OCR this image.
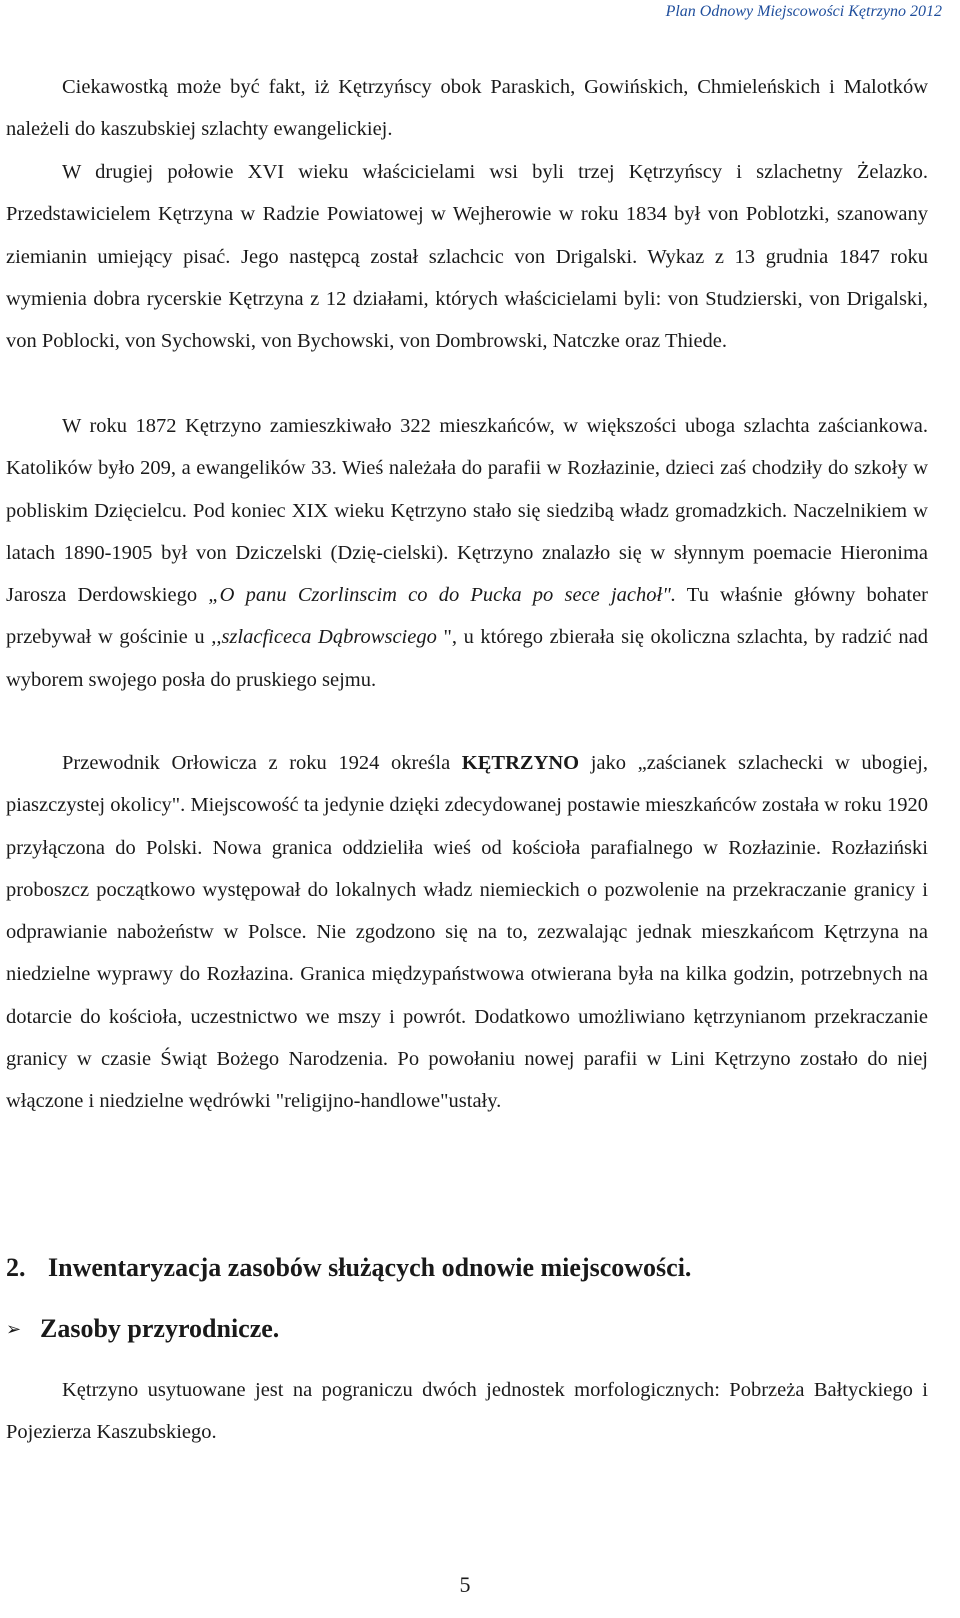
Plan Odnowy Miejscowości Kętrzyno 2012

Ciekawostką może być fakt, iż Kętrzyńscy obok Paraskich, Gowińskich, Chmieleńskich i Malotków należeli do kaszubskiej szlachty ewangelickiej.

W drugiej połowie XVI wieku właścicielami wsi byli trzej Kętrzyńscy i szlachetny Żelazko. Przedstawicielem Kętrzyna w Radzie Powiatowej w Wejherowie w roku 1834 był von Poblotzki, szanowany ziemianin umiejący pisać. Jego następcą został szlachcic von Drigalski. Wykaz z 13 grudnia 1847 roku wymienia dobra rycerskie Kętrzyna z 12 działami, których właścicielami byli: von Studzierski, von Drigalski, von Poblocki, von Sychowski, von Bychowski, von Dombrowski, Natczke oraz Thiede.

W roku 1872 Kętrzyno zamieszkiwało 322 mieszkańców, w większości uboga szlachta zaściankowa. Katolików było 209, a ewangelików 33. Wieś należała do parafii w Rozłazinie, dzieci zaś chodziły do szkoły w pobliskim Dzięcielcu. Pod koniec XIX wieku Kętrzyno stało się siedzibą władz gromadzkich. Naczelnikiem w latach 1890-1905 był von Dziczelski (Dzię-cielski). Kętrzyno znalazło się w słynnym poemacie Hieronima Jarosza Derdowskiego „O panu Czorlinscim co do Pucka po sece jachoł". Tu właśnie główny bohater przebywał w gościnie u ,,szlacficeca Dąbrowsciego ", u którego zbierała się okoliczna szlachta, by radzić nad wyborem swojego posła do pruskiego sejmu.

Przewodnik Orłowicza z roku 1924 określa KĘTRZYNO jako „zaścianek szlachecki w ubogiej, piaszczystej okolicy". Miejscowość ta jedynie dzięki zdecydowanej postawie mieszkańców została w roku 1920 przyłączona do Polski. Nowa granica oddzieliła wieś od kościoła parafialnego w Rozłazinie. Rozłaziński proboszcz początkowo występował do lokalnych władz niemieckich o pozwolenie na przekraczanie granicy i odprawianie nabożeństw w Polsce. Nie zgodzono się na to, zezwalając jednak mieszkańcom Kętrzyna na niedzielne wyprawy do Rozłazina. Granica międzypaństwowa otwierana była na kilka godzin, potrzebnych na dotarcie do kościoła, uczestnictwo we mszy i powrót. Dodatkowo umożliwiano kętrzynianom przekraczanie granicy w czasie Świąt Bożego Narodzenia. Po powołaniu nowej parafii w Lini Kętrzyno zostało do niej włączone i niedzielne wędrówki "religijno-handlowe"ustały.

2. Inwentaryzacja zasobów służących odnowie miejscowości.
➢ Zasoby przyrodnicze.

Kętrzyno usytuowane jest na pograniczu dwóch jednostek morfologicznych: Pobrzeża Bałtyckiego i Pojezierza Kaszubskiego.

5
